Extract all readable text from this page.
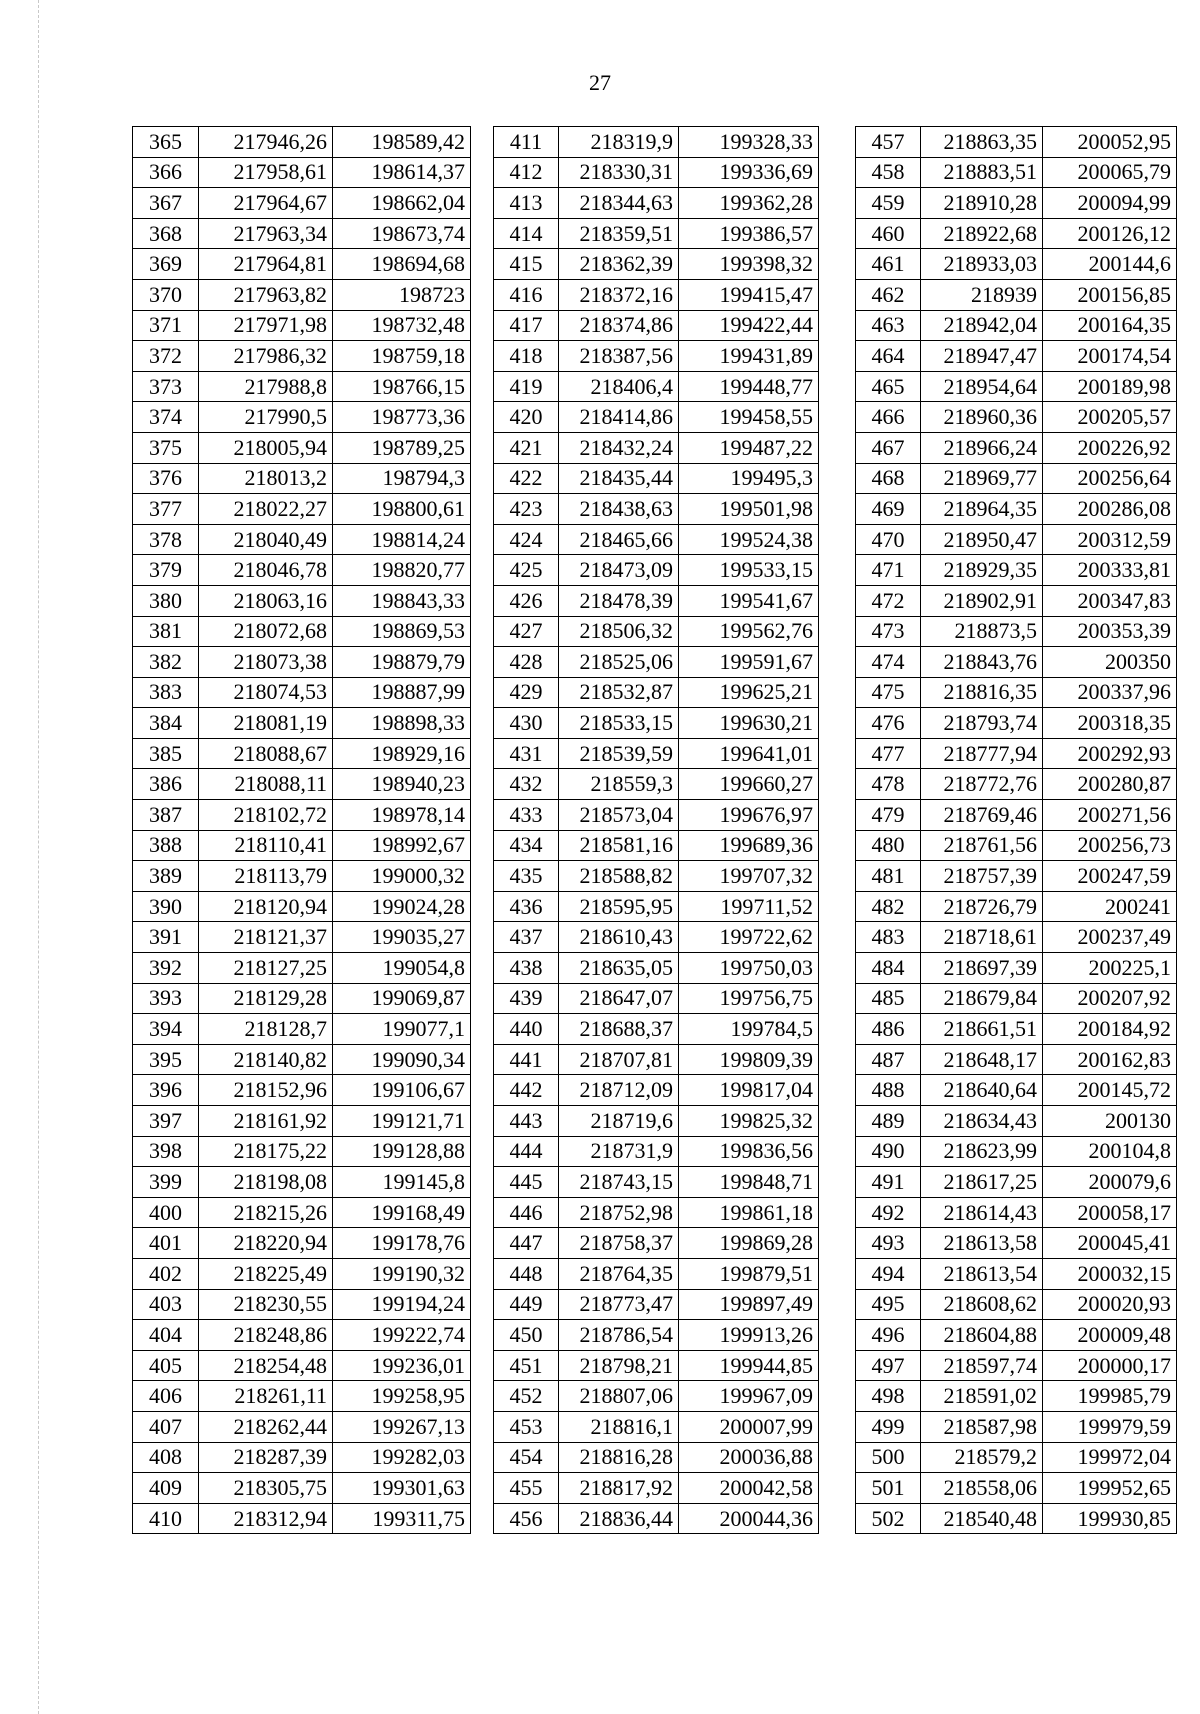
27
365	217946,26	198589,42
366	217958,61	198614,37
367	217964,67	198662,04
368	217963,34	198673,74
369	217964,81	198694,68
370	217963,82	198723
371	217971,98	198732,48
372	217986,32	198759,18
373	217988,8	198766,15
374	217990,5	198773,36
375	218005,94	198789,25
376	218013,2	198794,3
377	218022,27	198800,61
378	218040,49	198814,24
379	218046,78	198820,77
380	218063,16	198843,33
381	218072,68	198869,53
382	218073,38	198879,79
383	218074,53	198887,99
384	218081,19	198898,33
385	218088,67	198929,16
386	218088,11	198940,23
387	218102,72	198978,14
388	218110,41	198992,67
389	218113,79	199000,32
390	218120,94	199024,28
391	218121,37	199035,27
392	218127,25	199054,8
393	218129,28	199069,87
394	218128,7	199077,1
395	218140,82	199090,34
396	218152,96	199106,67
397	218161,92	199121,71
398	218175,22	199128,88
399	218198,08	199145,8
400	218215,26	199168,49
401	218220,94	199178,76
402	218225,49	199190,32
403	218230,55	199194,24
404	218248,86	199222,74
405	218254,48	199236,01
406	218261,11	199258,95
407	218262,44	199267,13
408	218287,39	199282,03
409	218305,75	199301,63
410	218312,94	199311,75
411	218319,9	199328,33
412	218330,31	199336,69
413	218344,63	199362,28
414	218359,51	199386,57
415	218362,39	199398,32
416	218372,16	199415,47
417	218374,86	199422,44
418	218387,56	199431,89
419	218406,4	199448,77
420	218414,86	199458,55
421	218432,24	199487,22
422	218435,44	199495,3
423	218438,63	199501,98
424	218465,66	199524,38
425	218473,09	199533,15
426	218478,39	199541,67
427	218506,32	199562,76
428	218525,06	199591,67
429	218532,87	199625,21
430	218533,15	199630,21
431	218539,59	199641,01
432	218559,3	199660,27
433	218573,04	199676,97
434	218581,16	199689,36
435	218588,82	199707,32
436	218595,95	199711,52
437	218610,43	199722,62
438	218635,05	199750,03
439	218647,07	199756,75
440	218688,37	199784,5
441	218707,81	199809,39
442	218712,09	199817,04
443	218719,6	199825,32
444	218731,9	199836,56
445	218743,15	199848,71
446	218752,98	199861,18
447	218758,37	199869,28
448	218764,35	199879,51
449	218773,47	199897,49
450	218786,54	199913,26
451	218798,21	199944,85
452	218807,06	199967,09
453	218816,1	200007,99
454	218816,28	200036,88
455	218817,92	200042,58
456	218836,44	200044,36
457	218863,35	200052,95
458	218883,51	200065,79
459	218910,28	200094,99
460	218922,68	200126,12
461	218933,03	200144,6
462	218939	200156,85
463	218942,04	200164,35
464	218947,47	200174,54
465	218954,64	200189,98
466	218960,36	200205,57
467	218966,24	200226,92
468	218969,77	200256,64
469	218964,35	200286,08
470	218950,47	200312,59
471	218929,35	200333,81
472	218902,91	200347,83
473	218873,5	200353,39
474	218843,76	200350
475	218816,35	200337,96
476	218793,74	200318,35
477	218777,94	200292,93
478	218772,76	200280,87
479	218769,46	200271,56
480	218761,56	200256,73
481	218757,39	200247,59
482	218726,79	200241
483	218718,61	200237,49
484	218697,39	200225,1
485	218679,84	200207,92
486	218661,51	200184,92
487	218648,17	200162,83
488	218640,64	200145,72
489	218634,43	200130
490	218623,99	200104,8
491	218617,25	200079,6
492	218614,43	200058,17
493	218613,58	200045,41
494	218613,54	200032,15
495	218608,62	200020,93
496	218604,88	200009,48
497	218597,74	200000,17
498	218591,02	199985,79
499	218587,98	199979,59
500	218579,2	199972,04
501	218558,06	199952,65
502	218540,48	199930,85
